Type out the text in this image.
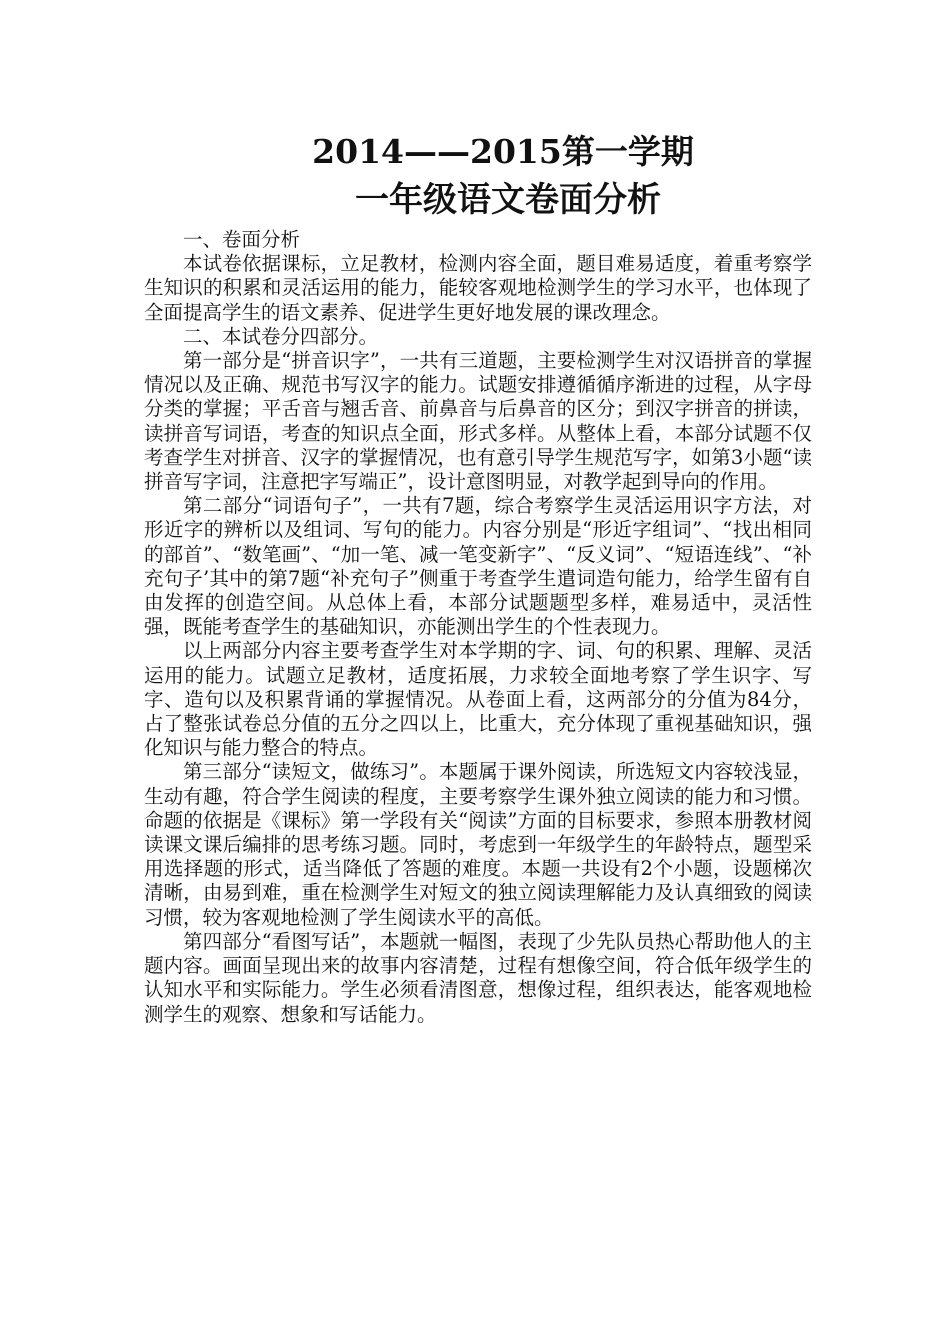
2014——2015第一学期
一年级语文卷面分析

一、卷面分析

本试卷依据课标，立足教材，检测内容全面，题目难易适度，着重考察学生知识的积累和灵活运用的能力，能较客观地检测学生的学习水平，也体现了全面提高学生的语文素养、促进学生更好地发展的课改理念。

二、本试卷分四部分。

第一部分是“拼音识字”，一共有三道题，主要检测学生对汉语拼音的掌握情况以及正确、规范书写汉字的能力。试题安排遵循循序渐进的过程，从字母分类的掌握；平舌音与翘舌音、前鼻音与后鼻音的区分；到汉字拼音的拼读，读拼音写词语，考查的知识点全面，形式多样。从整体上看，本部分试题不仅考查学生对拼音、汉字的掌握情况，也有意引导学生规范写字，如第3小题“读拼音写字词，注意把字写端正”，设计意图明显，对教学起到导向的作用。

第二部分“词语句子”，一共有7题，综合考察学生灵活运用识字方法，对形近字的辨析以及组词、写句的能力。内容分别是“形近字组词”、“找出相同的部首”、“数笔画”、“加一笔、减一笔变新字”、“反义词”、“短语连线”、“补充句子’其中的第7题“补充句子”侧重于考查学生遣词造句能力，给学生留有自由发挥的创造空间。从总体上看，本部分试题题型多样，难易适中，灵活性强，既能考查学生的基础知识，亦能测出学生的个性表现力。

以上两部分内容主要考查学生对本学期的字、词、句的积累、理解、灵活运用的能力。试题立足教材，适度拓展，力求较全面地考察了学生识字、写字、造句以及积累背诵的掌握情况。从卷面上看，这两部分的分值为84分，占了整张试卷总分值的五分之四以上，比重大，充分体现了重视基础知识，强化知识与能力整合的特点。

第三部分“读短文，做练习”。本题属于课外阅读，所选短文内容较浅显，生动有趣，符合学生阅读的程度，主要考察学生课外独立阅读的能力和习惯。命题的依据是《课标》第一学段有关“阅读”方面的目标要求，参照本册教材阅读课文课后编排的思考练习题。同时，考虑到一年级学生的年龄特点，题型采用选择题的形式，适当降低了答题的难度。本题一共设有2个小题，设题梯次清晰，由易到难，重在检测学生对短文的独立阅读理解能力及认真细致的阅读习惯，较为客观地检测了学生阅读水平的高低。

第四部分“看图写话”，本题就一幅图，表现了少先队员热心帮助他人的主题内容。画面呈现出来的故事内容清楚，过程有想像空间，符合低年级学生的认知水平和实际能力。学生必须看清图意，想像过程，组织表达，能客观地检测学生的观察、想象和写话能力。
